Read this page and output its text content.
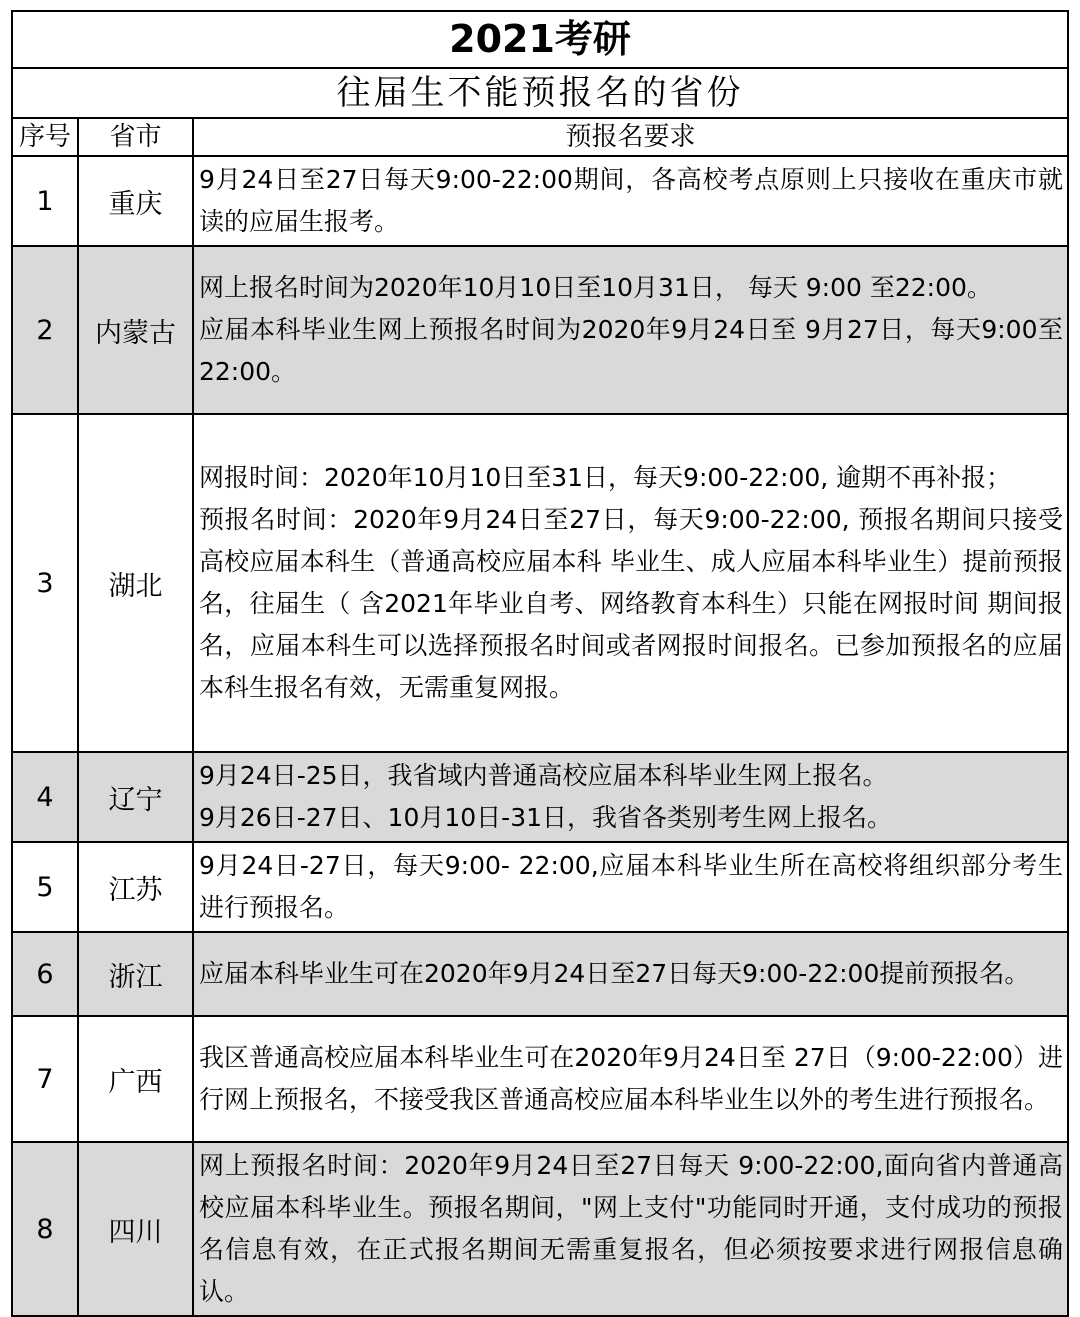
2021考研		
往届生不能预报名的省份		
序号	省市	预报名要求
1	重庆	9月24日至27日每天9:00-22:00期间，各高校考点原则上只接收在重庆市就读的应届生报考。

2	内蒙古	网上报名时间为2020年10月10日至10月31日， 每天 9:00 至22:00。

应届本科毕业生网上预报名时间为2020年9月24日至 9月27日，每天9:00至22:00。

3	湖北	网报时间：2020年10月10日至31日，每天9:00-22:00, 逾期不再补报；

预报名时间：2020年9月24日至27日，每天9:00-22:00, 预报名期间只接受高校应届本科生（普通高校应届本科 毕业生、成人应届本科毕业生）提前预报名，往届生（ 含2021年毕业自考、网络教育本科生）只能在网报时间 期间报名，应届本科生可以选择预报名时间或者网报时间报名。已参加预报名的应届本科生报名有效，无需重复网报。

4	辽宁	9月24日-25日，我省域内普通高校应届本科毕业生网上报名。

9月26日-27日、10月10日-31日，我省各类别考生网上报名。

5	江苏	9月24日-27日，每天9:00- 22:00,应届本科毕业生所在高校将组织部分考生进行预报名。

6	浙江	应届本科毕业生可在2020年9月24日至27日每天9:00-22:00提前预报名。

7	广西	我区普通高校应届本科毕业生可在2020年9月24日至 27日（9:00-22:00）进行网上预报名，不接受我区普通高校应届本科毕业生以外的考生进行预报名。

8	四川	网上预报名时间：2020年9月24日至27日每天 9:00-22:00,面向省内普通高校应届本科毕业生。预报名期间，"网上支付"功能同时开通，支付成功的预报名信息有效，在正式报名期间无需重复报名，但必须按要求进行网报信息确认。
